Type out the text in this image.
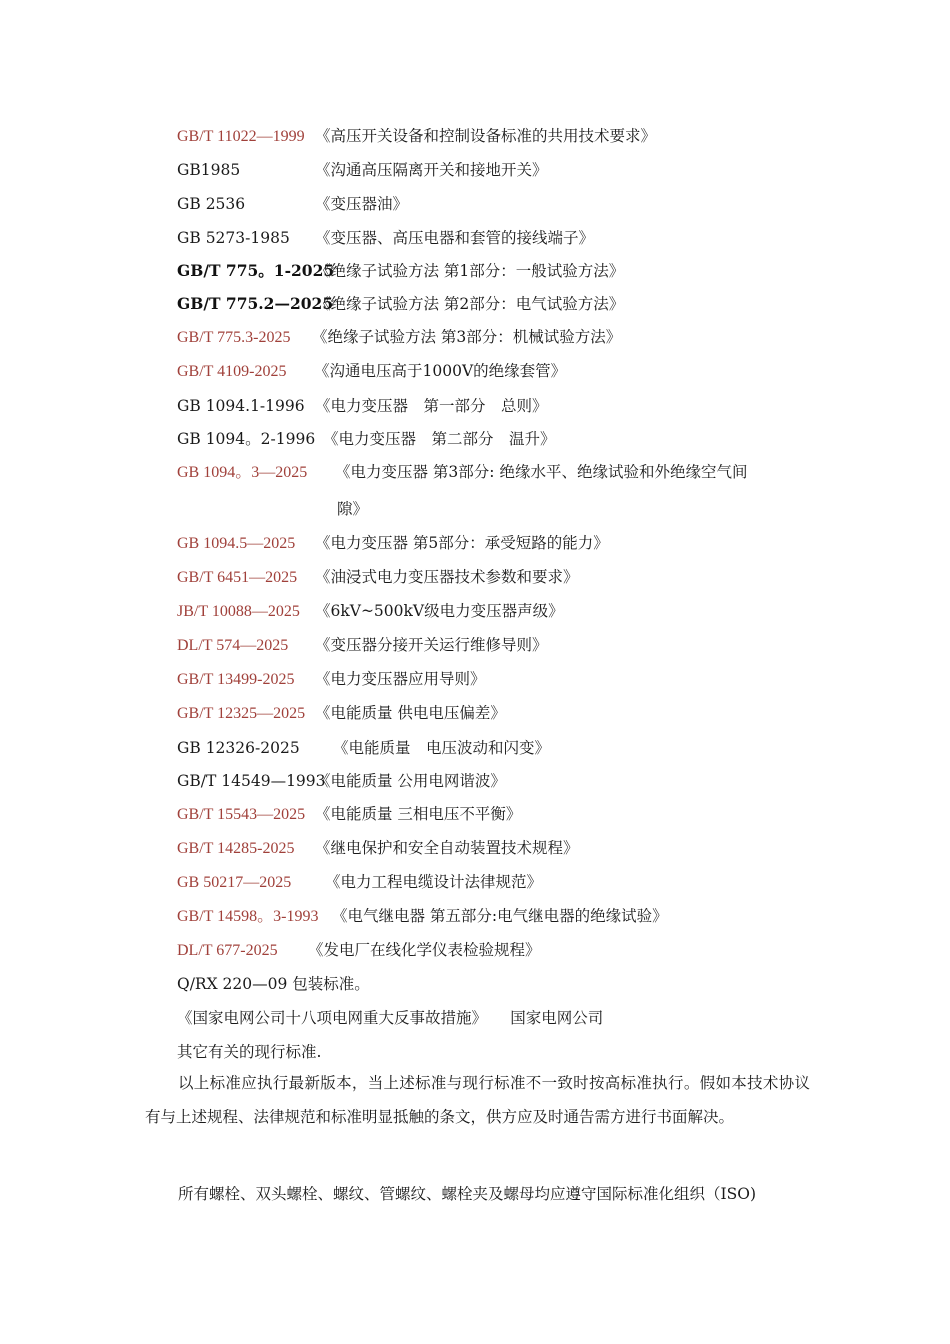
GB/T 11022—1999 《高压开关设备和控制设备标准的共用技术要求》
GB1985	《沟通高压隔离开关和接地开关》
GB 2536	《变压器油》
GB 5273-1985 《变压器、高压电器和套管的接线端子》
GB/T 775。1-2025《绝缘子试验方法 第1部分：一般试验方法》
GB/T 775.2—2025《绝缘子试验方法 第2部分：电气试验方法》
GB/T 775.3-2025 《绝缘子试验方法 第3部分：机械试验方法》
GB/T 4109-2025 《沟通电压高于1000V的绝缘套管》
GB 1094.1-1996 《电力变压器　第一部分　总则》
GB 1094。2-1996 《电力变压器　第二部分　温升》
GB 1094。3—2025 《电力变压器 第3部分: 绝缘水平、绝缘试验和外绝缘空气间
隙》
GB 1094.5—2025 《电力变压器 第5部分：承受短路的能力》
GB/T 6451—2025 《油浸式电力变压器技术参数和要求》
JB/T 10088—2025 《6kV~500kV级电力变压器声级》
DL/T 574—2025 《变压器分接开关运行维修导则》
GB/T 13499-2025 《电力变压器应用导则》
GB/T 12325—2025 《电能质量 供电电压偏差》
GB 12326-2025 《电能质量　电压波动和闪变》
GB/T 14549—1993《电能质量 公用电网谐波》
GB/T 15543—2025 《电能质量 三相电压不平衡》
GB/T 14285-2025 《继电保护和安全自动装置技术规程》
GB 50217—2025 《电力工程电缆设计法律规范》
GB/T 14598。3-1993 《电气继电器 第五部分:电气继电器的绝缘试验》
DL/T 677-2025 《发电厂在线化学仪表检验规程》
Q/RX 220—09 包装标准。
《国家电网公司十八项电网重大反事故措施》　　国家电网公司
其它有关的现行标准.
以上标准应执行最新版本，当上述标准与现行标准不一致时按高标准执行。假如本技术协议有与上述规程、法律规范和标准明显抵触的条文，供方应及时通告需方进行书面解决。
所有螺栓、双头螺栓、螺纹、管螺纹、螺栓夹及螺母均应遵守国际标准化组织（ISO)
